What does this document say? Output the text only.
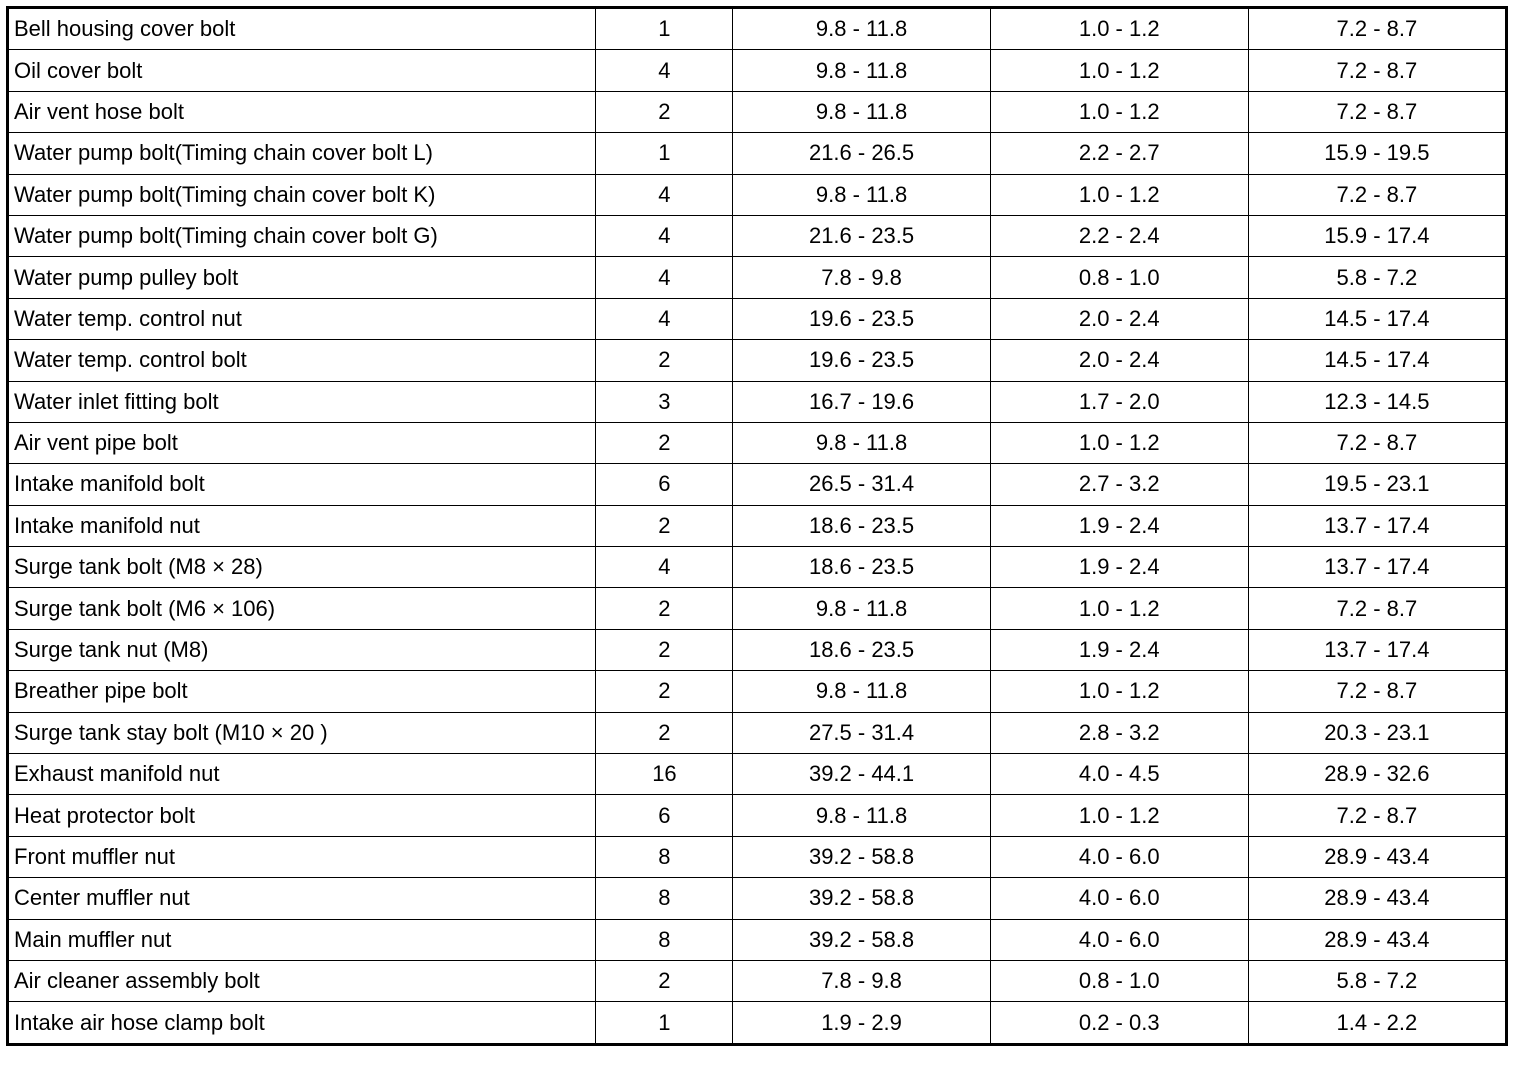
Bell housing cover bolt	1	9.8 - 11.8	1.0 - 1.2	7.2 - 8.7
Oil cover bolt	4	9.8 - 11.8	1.0 - 1.2	7.2 - 8.7
Air vent hose bolt	2	9.8 - 11.8	1.0 - 1.2	7.2 - 8.7
Water pump bolt(Timing chain cover bolt L)	1	21.6 - 26.5	2.2 - 2.7	15.9 - 19.5
Water pump bolt(Timing chain cover bolt K)	4	9.8 - 11.8	1.0 - 1.2	7.2 - 8.7
Water pump bolt(Timing chain cover bolt G)	4	21.6 - 23.5	2.2 - 2.4	15.9 - 17.4
Water pump pulley bolt	4	7.8 - 9.8	0.8 - 1.0	5.8 - 7.2
Water temp. control nut	4	19.6 - 23.5	2.0 - 2.4	14.5 - 17.4
Water temp. control bolt	2	19.6 - 23.5	2.0 - 2.4	14.5 - 17.4
Water inlet fitting bolt	3	16.7 - 19.6	1.7 - 2.0	12.3 - 14.5
Air vent pipe bolt	2	9.8 - 11.8	1.0 - 1.2	7.2 - 8.7
Intake manifold bolt	6	26.5 - 31.4	2.7 - 3.2	19.5 - 23.1
Intake manifold nut	2	18.6 - 23.5	1.9 - 2.4	13.7 - 17.4
Surge tank bolt (M8 × 28)	4	18.6 - 23.5	1.9 - 2.4	13.7 - 17.4
Surge tank bolt (M6 × 106)	2	9.8 - 11.8	1.0 - 1.2	7.2 - 8.7
Surge tank nut (M8)	2	18.6 - 23.5	1.9 - 2.4	13.7 - 17.4
Breather pipe bolt	2	9.8 - 11.8	1.0 - 1.2	7.2 - 8.7
Surge tank stay bolt (M10 × 20 )	2	27.5 - 31.4	2.8 - 3.2	20.3 - 23.1
Exhaust manifold nut	16	39.2 - 44.1	4.0 - 4.5	28.9 - 32.6
Heat protector bolt	6	9.8 - 11.8	1.0 - 1.2	7.2 - 8.7
Front muffler nut	8	39.2 - 58.8	4.0 - 6.0	28.9 - 43.4
Center muffler nut	8	39.2 - 58.8	4.0 - 6.0	28.9 - 43.4
Main muffler nut	8	39.2 - 58.8	4.0 - 6.0	28.9 - 43.4
Air cleaner assembly bolt	2	7.8 - 9.8	0.8 - 1.0	5.8 - 7.2
Intake air hose clamp bolt	1	1.9 - 2.9	0.2 - 0.3	1.4 - 2.2
